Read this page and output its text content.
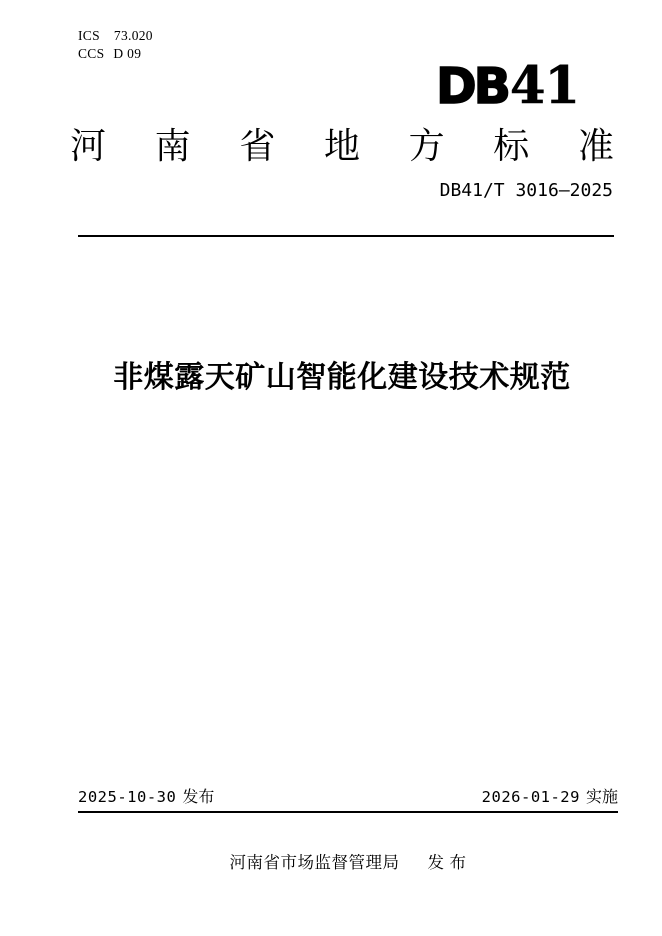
ICS 73.020
CCS D 09
DB41
河 南 省 地 方 标 准
DB41/T 3016—2025
非煤露天矿山智能化建设技术规范
2025-10-30 发布	2026-01-29 实施
河南省市场监督管理局 发 布
